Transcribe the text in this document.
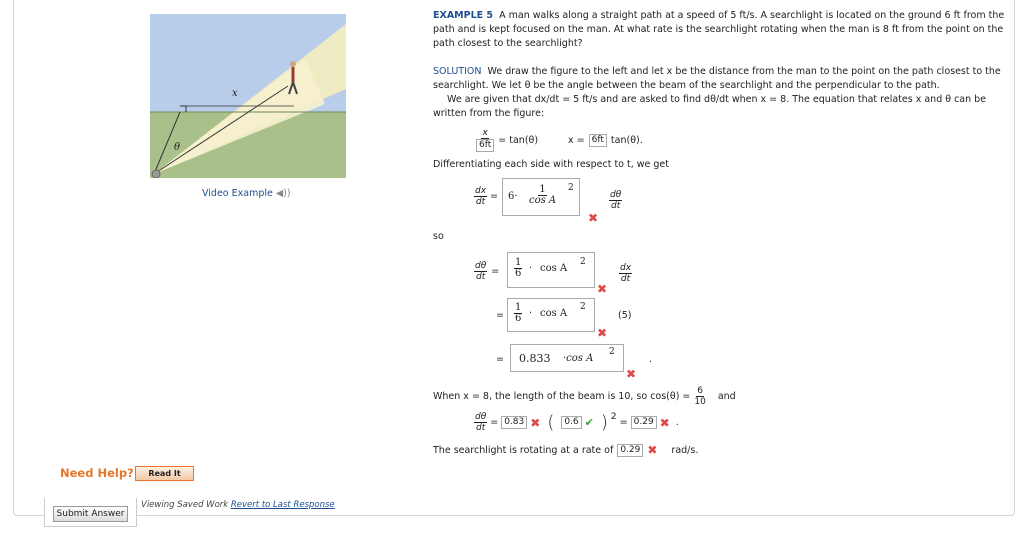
x
θ
Video Example ◀))
EXAMPLE 5 A man walks along a straight path at a speed of 5 ft/s. A searchlight is located on the ground 6 ft from the
path and is kept focused on the man. At what rate is the searchlight rotating when the man is 8 ft from the point on the
path closest to the searchlight?
SOLUTION We draw the figure to the left and let x be the distance from the man to the point on the path closest to the
searchlight. We let θ be the angle between the beam of the searchlight and the perpendicular to the path.
We are given that dx/dt = 5 ft/s and are asked to find dθ/dt when x = 8. The equation that relates x and θ can be
written from the figure:
$\frac{x}{6ft} = \tan(\theta)$	x = 6ft tan(θ).
Differentiating each side with respect to t, we get
$\frac{dx}{dt} = 6\cdot \frac{1}{\text{cos A}} 2$
✖
$\frac{d\theta}{dt}$
so
$\frac{d\theta}{dt} = \frac{1}{6} \cdot \cos A$
2
✖
$\frac{dx}{dt}$
= $\frac{1}{6} \cdot \cos A$
2
(5)
✖
= 0.833 ·cos A
2
.
✖
When x = 8, the length of the beam is 10, so $\cos(\theta) = \frac{6}{10}$ and
$\frac{d\theta}{dt} = 0.83$ ✖ (	0.6 ✔ ) 2 = 0.29 ✖ .
The searchlight is rotating at a rate of 0.29 ✖ rad/s.
Need Help?	Read It
Submit Answer
Viewing Saved Work Revert to Last Response
